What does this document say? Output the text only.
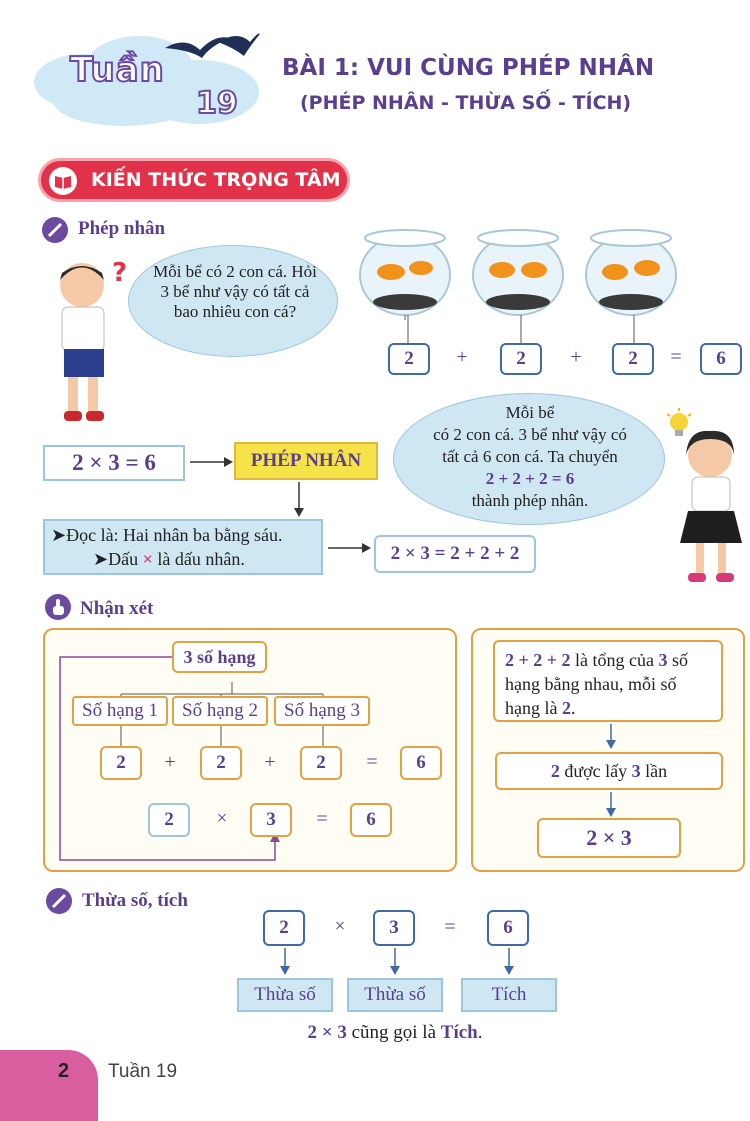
Tuần
19
BÀI 1: VUI CÙNG PHÉP NHÂN
(PHÉP NHÂN - THỪA SỐ - TÍCH)
KIẾN THỨC TRỌNG TÂM
Phép nhân
? Mỗi bể có 2 con cá. Hỏi 3 bể như vậy có tất cả bao nhiêu con cá?
2	+	2	+	2	=	6
2 × 3 = 6	PHÉP NHÂN
Mỗi bể
có 2 con cá. 3 bể như vậy có
tất cả 6 con cá. Ta chuyển
2 + 2 + 2 = 6
thành phép nhân.
➤Đọc là: Hai nhân ba bằng sáu.
➤Dấu × là dấu nhân.	2 × 3 = 2 + 2 + 2
Nhận xét
3 số hạng
Số hạng 1	Số hạng 2	Số hạng 3
2	+	2	+	2	=	6
2	×	3	=	6
2 + 2 + 2 là tổng của 3 số hạng bằng nhau, mỗi số hạng là 2.
2 được lấy 3 lần
2 × 3
Thừa số, tích
2	×	3	=	6
Thừa số	Thừa số	Tích
2 × 3 cũng gọi là Tích.
2 Tuần 19
